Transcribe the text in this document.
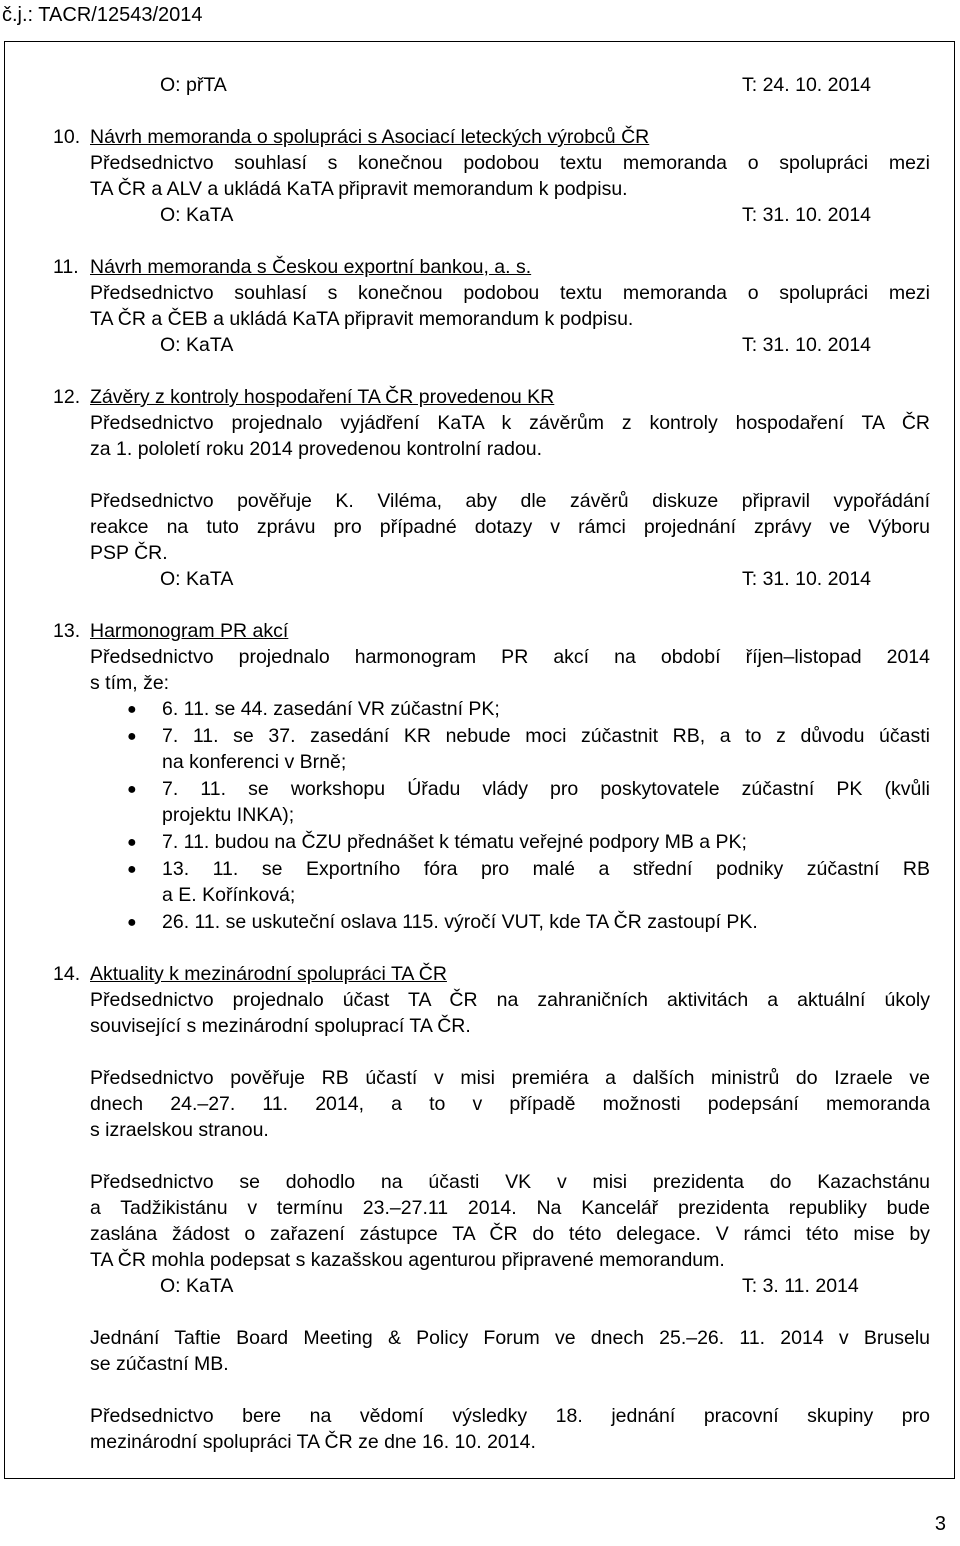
č.j.: TACR/12543/2014
O: přTA	T: 24. 10. 2014
10. Návrh memoranda o spolupráci s Asociací leteckých výrobců ČR
Předsednictvo souhlasí s konečnou podobou textu memoranda o spolupráci mezi
TA ČR a ALV a ukládá KaTA připravit memorandum k podpisu.
O: KaTA	T: 31. 10. 2014
11. Návrh memoranda s Českou exportní bankou, a. s.
Předsednictvo souhlasí s konečnou podobou textu memoranda o spolupráci mezi
TA ČR a ČEB a ukládá KaTA připravit memorandum k podpisu.
O: KaTA	T: 31. 10. 2014
12. Závěry z kontroly hospodaření TA ČR provedenou KR
Předsednictvo projednalo vyjádření KaTA k závěrům z kontroly hospodaření TA ČR
za 1. pololetí roku 2014 provedenou kontrolní radou.
Předsednictvo pověřuje K. Viléma, aby dle závěrů diskuze připravil vypořádání
reakce na tuto zprávu pro případné dotazy v rámci projednání zprávy ve Výboru
PSP ČR.
O: KaTA	T: 31. 10. 2014
13. Harmonogram PR akcí
Předsednictvo projednalo harmonogram PR akcí na období říjen–listopad 2014
s tím, že:
● 6. 11. se 44. zasedání VR zúčastní PK;
● 7. 11. se 37. zasedání KR nebude moci zúčastnit RB, a to z důvodu účasti
na konferenci v Brně;
● 7. 11. se workshopu Úřadu vlády pro poskytovatele zúčastní PK (kvůli
projektu INKA);
● 7. 11. budou na ČZU přednášet k tématu veřejné podpory MB a PK;
● 13. 11. se Exportního fóra pro malé a střední podniky zúčastní RB
a E. Kořínková;
● 26. 11. se uskuteční oslava 115. výročí VUT, kde TA ČR zastoupí PK.
14. Aktuality k mezinárodní spolupráci TA ČR
Předsednictvo projednalo účast TA ČR na zahraničních aktivitách a aktuální úkoly
související s mezinárodní spoluprací TA ČR.
Předsednictvo pověřuje RB účastí v misi premiéra a dalších ministrů do Izraele ve
dnech 24.–27. 11. 2014, a to v případě možnosti podepsání memoranda
s izraelskou stranou.
Předsednictvo se dohodlo na účasti VK v misi prezidenta do Kazachstánu
a Tadžikistánu v termínu 23.–27.11 2014. Na Kancelář prezidenta republiky bude
zaslána žádost o zařazení zástupce TA ČR do této delegace. V rámci této mise by
TA ČR mohla podepsat s kazašskou agenturou připravené memorandum.
O: KaTA	T: 3. 11. 2014
Jednání Taftie Board Meeting & Policy Forum ve dnech 25.–26. 11. 2014 v Bruselu
se zúčastní MB.
Předsednictvo bere na vědomí výsledky 18. jednání pracovní skupiny pro
mezinárodní spolupráci TA ČR ze dne 16. 10. 2014.
3
